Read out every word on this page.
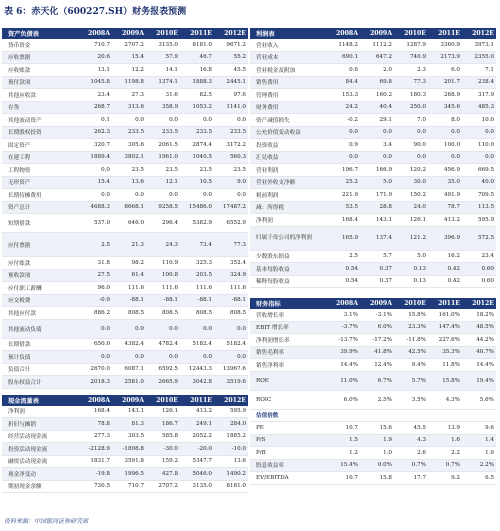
表 6：赤天化（600227.SH）财务报表预测
资产负债表	2008A	2009A	2010E	2011E	2012E
货币资金	710.7	2707.2	3135.0	8181.0	9671.2
应收票据	20.6	15.4	57.9	46.7	55.2
应收账款	13.1	12.2	14.1	16.8	45.5
预付款项	1045.8	1198.8	1374.1	1888.3	2445.1
其他应收款	23.4	27.3	31.6	82.5	97.6
存货	268.7	313.6	358.9	1053.2	1141.0
其他流动资产	0.1	0.0	0.0	0.0	0.0
长期股权投资	262.3	233.5	233.5	233.5	233.5
固定资产	320.7	305.6	2061.5	2874.4	3172.2
在建工程	1889.4	3802.1	1961.0	1040.5	560.3
工程物资	0.0	23.5	23.5	23.5	23.5
无形资产	15.4	13.6	12.1	10.5	9.0
长期待摊费用	0.0	0.0	0.0	0.0	0.0
资产总计	4688.3	8668.1	9258.5	15486.0	17487.2
短期借款	537.0	646.0	296.4	5382.9	6552.9
应付票据	2.5	21.3	24.3	73.4	77.3
应付账款	31.8	98.2	110.9	325.3	352.4
预收款项	27.5	61.4	100.8	203.5	324.9
应付职工薪酬	96.0	111.6	111.6	111.6	111.6
应交税费	-0.9	-88.1	-88.1	-88.1	-88.1
其他应付款	886.2	808.5	808.5	808.5	808.5
其他流动负债	0.0	0.0	0.0	0.0	0.0
长期借款	650.0	4382.4	4782.4	5182.4	5182.4
预计负债	0.0	0.0	0.0	0.0	0.0
负债合计	2670.0	6087.1	6592.5	12443.3	13967.6
股东权益合计	2018.3	2581.0	2665.9	3042.8	3519.6
现金流量表	2008A	2009A	2010E	2011E	2012E
净利润	168.4	143.1	126.1	413.2	595.9
折旧与摊销	78.8	81.3	186.7	249.1	284.0
经营活动现金流	277.3	303.5	585.8	2052.2	1885.2
投资活动现金流	-2128.9	-1898.8	-30.0	-20.0	-10.0
融资活动现金流	1831.7	3591.8	159.2	5347.7	13.6
现金净变动	-19.8	1996.5	427.8	5046.0	1490.2
期初现金余额	730.5	710.7	2707.2	3135.0	8181.0
利润表	2008A	2009A	2010E	2011E	2012E
营业收入	1148.2	1112.2	1287.9	3360.9	3973.1
营业成本	690.1	647.2	740.9	2173.9	2355.0
营业税金及附加	0.6	2.0	2.3	6.0	7.1
销售费用	84.4	69.8	77.3	201.7	238.4
管理费用	153.3	160.2	180.3	268.9	317.9
财务费用	24.2	40.4	250.0	345.6	485.3
资产减值损失	-0.2	29.1	7.0	8.0	10.0
公允价值变动收益	0.0	0.0	0.0	0.0	0.0
投资收益	0.9	3.4	90.0	100.0	110.0
汇兑收益	0.0	0.0	0.0	0.0	0.0
营业利润	196.7	166.9	120.2	456.9	669.5
营业外收支净额	25.2	5.0	30.0	35.0	40.0
税前利润	221.9	171.9	150.2	491.9	709.5
减：所得税	53.5	28.8	24.0	78.7	113.5
净利润	168.4	143.1	126.1	413.2	595.9
归属于母公司的净利润	165.9	137.4	121.2	396.9	572.5
少数股东损益	2.5	5.7	5.0	16.2	23.4
基本每股收益	0.54	0.37	0.13	0.42	0.60
稀释每股收益	0.54	0.37	0.13	0.42	0.60
财务指标	2008A	2009A	2010E	2011E	2012E
营收增长率	3.1%	-3.1%	15.8%	161.0%	18.2%
EBIT 增长率	-3.7%	6.0%	23.3%	147.4%	48.5%
净利润增长率	-13.7%	-17.2%	-11.8%	227.6%	44.2%
销售毛利率	39.9%	41.8%	42.5%	35.3%	40.7%
销售净利率	14.4%	12.4%	9.4%	11.8%	14.4%
ROE	11.0%	6.7%	5.7%	15.8%	19.4%
ROIC	6.0%	2.5%	3.5%	4.3%	5.6%
估值倍数					
PE	10.7	15.6	45.5	13.9	9.6
P/S	1.5	1.9	4.3	1.6	1.4
P/B	1.2	1.0	2.6	2.2	1.9
股息收益率	15.4%	0.0%	0.7%	0.7%	2.2%
EV/EBITDA	10.7	15.8	17.7	9.2	6.5
资料来源：中国银河证券研究部
